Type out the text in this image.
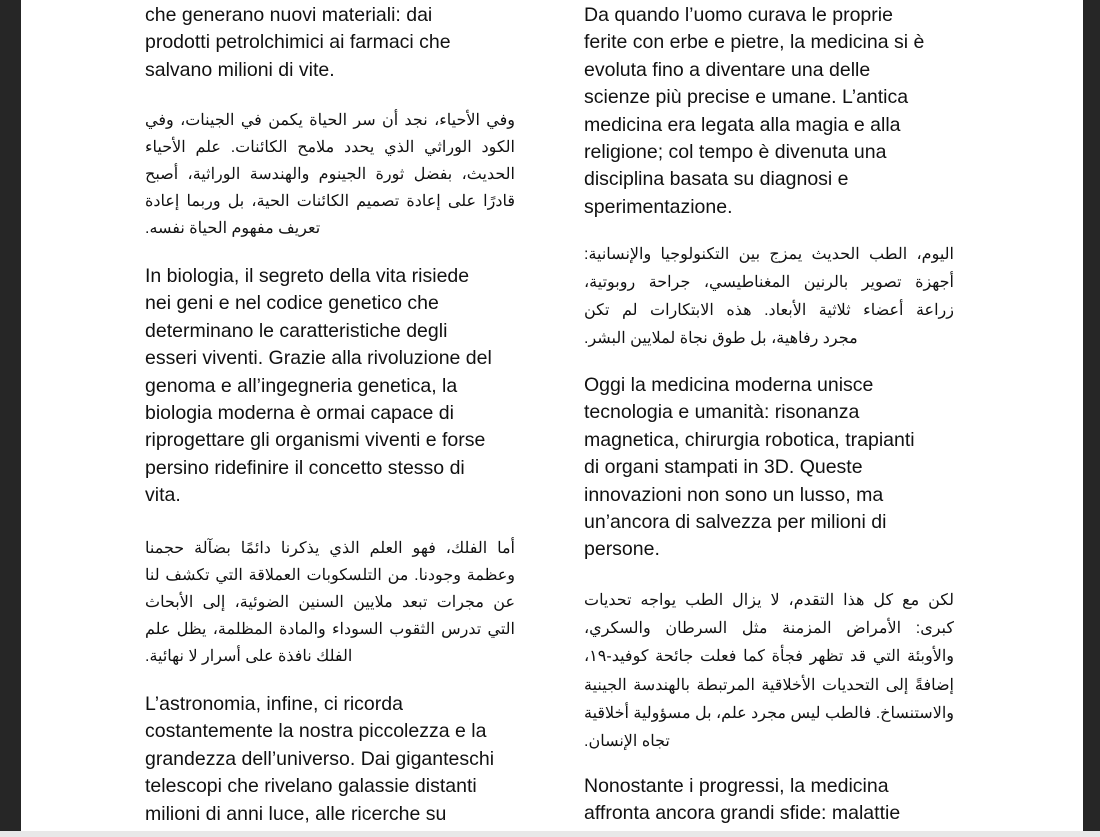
che generano nuovi materiali: dai
prodotti petrolchimici ai farmaci che
salvano milioni di vite.
وفي الأحياء، نجد أن سر الحياة يكمن في الجينات، وفي
الكود الوراثي الذي يحدد ملامح الكائنات. علم الأحياء
الحديث، بفضل ثورة الجينوم والهندسة الوراثية، أصبح
قادرًا على إعادة تصميم الكائنات الحية، بل وربما إعادة
تعريف مفهوم الحياة نفسه.
In biologia, il segreto della vita risiede
nei geni e nel codice genetico che
determinano le caratteristiche degli
esseri viventi. Grazie alla rivoluzione del
genoma e all’ingegneria genetica, la
biologia moderna è ormai capace di
riprogettare gli organismi viventi e forse
persino ridefinire il concetto stesso di
vita.
أما الفلك، فهو العلم الذي يذكرنا دائمًا بضآلة حجمنا
وعظمة وجودنا. من التلسكوبات العملاقة التي تكشف لنا
عن مجرات تبعد ملايين السنين الضوئية، إلى الأبحاث
التي تدرس الثقوب السوداء والمادة المظلمة، يظل علم
الفلك نافذة على أسرار لا نهائية.
L’astronomia, infine, ci ricorda
costantemente la nostra piccolezza e la
grandezza dell’universo. Dai giganteschi
telescopi che rivelano galassie distanti
milioni di anni luce, alle ricerche su
Da quando l’uomo curava le proprie
ferite con erbe e pietre, la medicina si è
evoluta fino a diventare una delle
scienze più precise e umane. L’antica
medicina era legata alla magia e alla
religione; col tempo è divenuta una
disciplina basata su diagnosi e
sperimentazione.
اليوم، الطب الحديث يمزج بين التكنولوجيا والإنسانية:
أجهزة تصوير بالرنين المغناطيسي، جراحة روبوتية،
زراعة أعضاء ثلاثية الأبعاد. هذه الابتكارات لم تكن
مجرد رفاهية، بل طوق نجاة لملايين البشر.
Oggi la medicina moderna unisce
tecnologia e umanità: risonanza
magnetica, chirurgia robotica, trapianti
di organi stampati in 3D. Queste
innovazioni non sono un lusso, ma
un’ancora di salvezza per milioni di
persone.
لكن مع كل هذا التقدم، لا يزال الطب يواجه تحديات
كبرى: الأمراض المزمنة مثل السرطان والسكري،
والأوبئة التي قد تظهر فجأة كما فعلت جائحة كوفيد-١٩،
إضافةً إلى التحديات الأخلاقية المرتبطة بالهندسة الجينية
والاستنساخ. فالطب ليس مجرد علم، بل مسؤولية أخلاقية
تجاه الإنسان.
Nonostante i progressi, la medicina
affronta ancora grandi sfide: malattie
